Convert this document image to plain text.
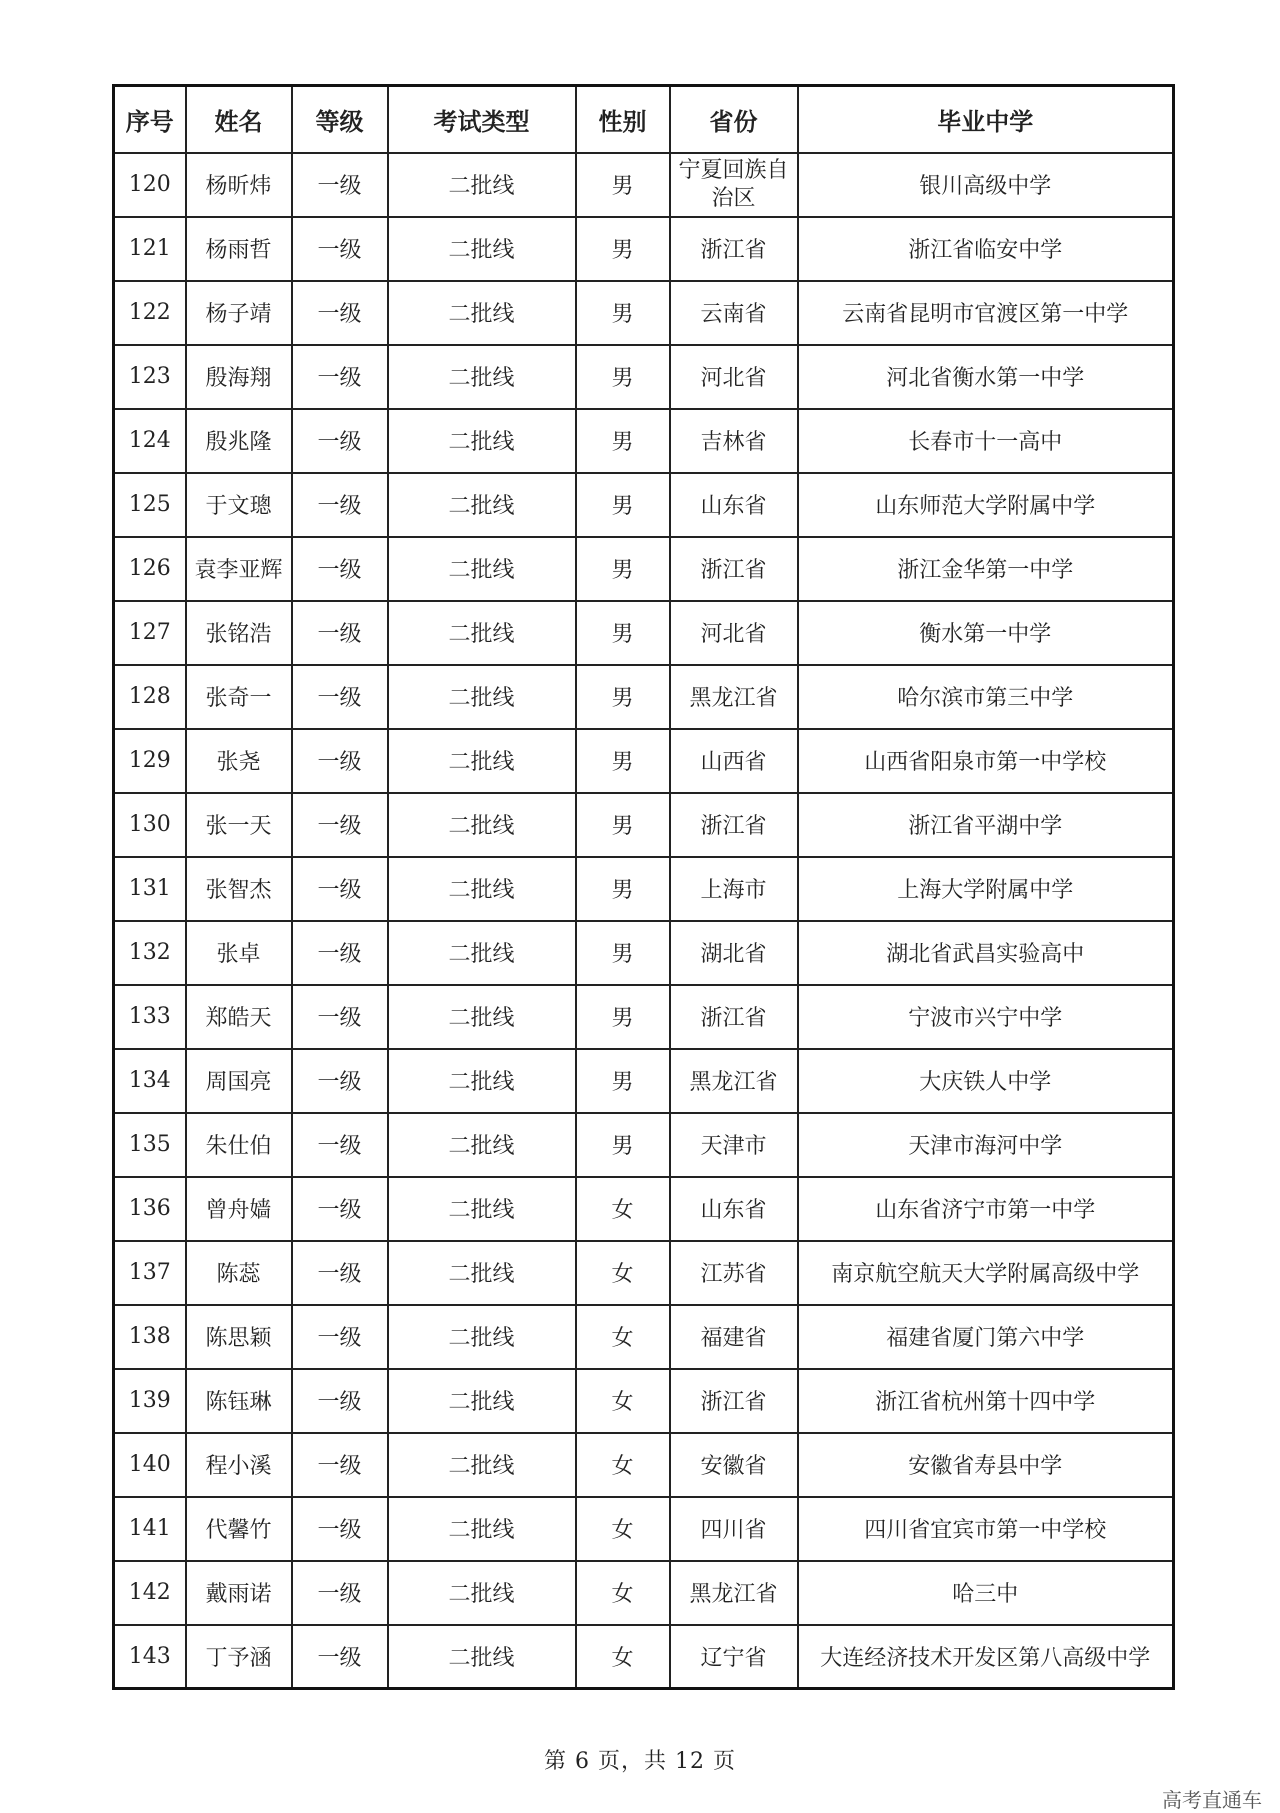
序号	姓名	等级	考试类型	性别	省份	毕业中学
120	杨昕炜	一级	二批线	男	宁夏回族自治区	银川高级中学
121	杨雨哲	一级	二批线	男	浙江省	浙江省临安中学
122	杨子靖	一级	二批线	男	云南省	云南省昆明市官渡区第一中学
123	殷海翔	一级	二批线	男	河北省	河北省衡水第一中学
124	殷兆隆	一级	二批线	男	吉林省	长春市十一高中
125	于文璁	一级	二批线	男	山东省	山东师范大学附属中学
126	袁李亚辉	一级	二批线	男	浙江省	浙江金华第一中学
127	张铭浩	一级	二批线	男	河北省	衡水第一中学
128	张奇一	一级	二批线	男	黑龙江省	哈尔滨市第三中学
129	张尧	一级	二批线	男	山西省	山西省阳泉市第一中学校
130	张一天	一级	二批线	男	浙江省	浙江省平湖中学
131	张智杰	一级	二批线	男	上海市	上海大学附属中学
132	张卓	一级	二批线	男	湖北省	湖北省武昌实验高中
133	郑皓天	一级	二批线	男	浙江省	宁波市兴宁中学
134	周国亮	一级	二批线	男	黑龙江省	大庆铁人中学
135	朱仕伯	一级	二批线	男	天津市	天津市海河中学
136	曾舟嫱	一级	二批线	女	山东省	山东省济宁市第一中学
137	陈蕊	一级	二批线	女	江苏省	南京航空航天大学附属高级中学
138	陈思颖	一级	二批线	女	福建省	福建省厦门第六中学
139	陈钰琳	一级	二批线	女	浙江省	浙江省杭州第十四中学
140	程小溪	一级	二批线	女	安徽省	安徽省寿县中学
141	代馨竹	一级	二批线	女	四川省	四川省宜宾市第一中学校
142	戴雨诺	一级	二批线	女	黑龙江省	哈三中
143	丁予涵	一级	二批线	女	辽宁省	大连经济技术开发区第八高级中学
第 6 页，共 12 页
高考直通车
